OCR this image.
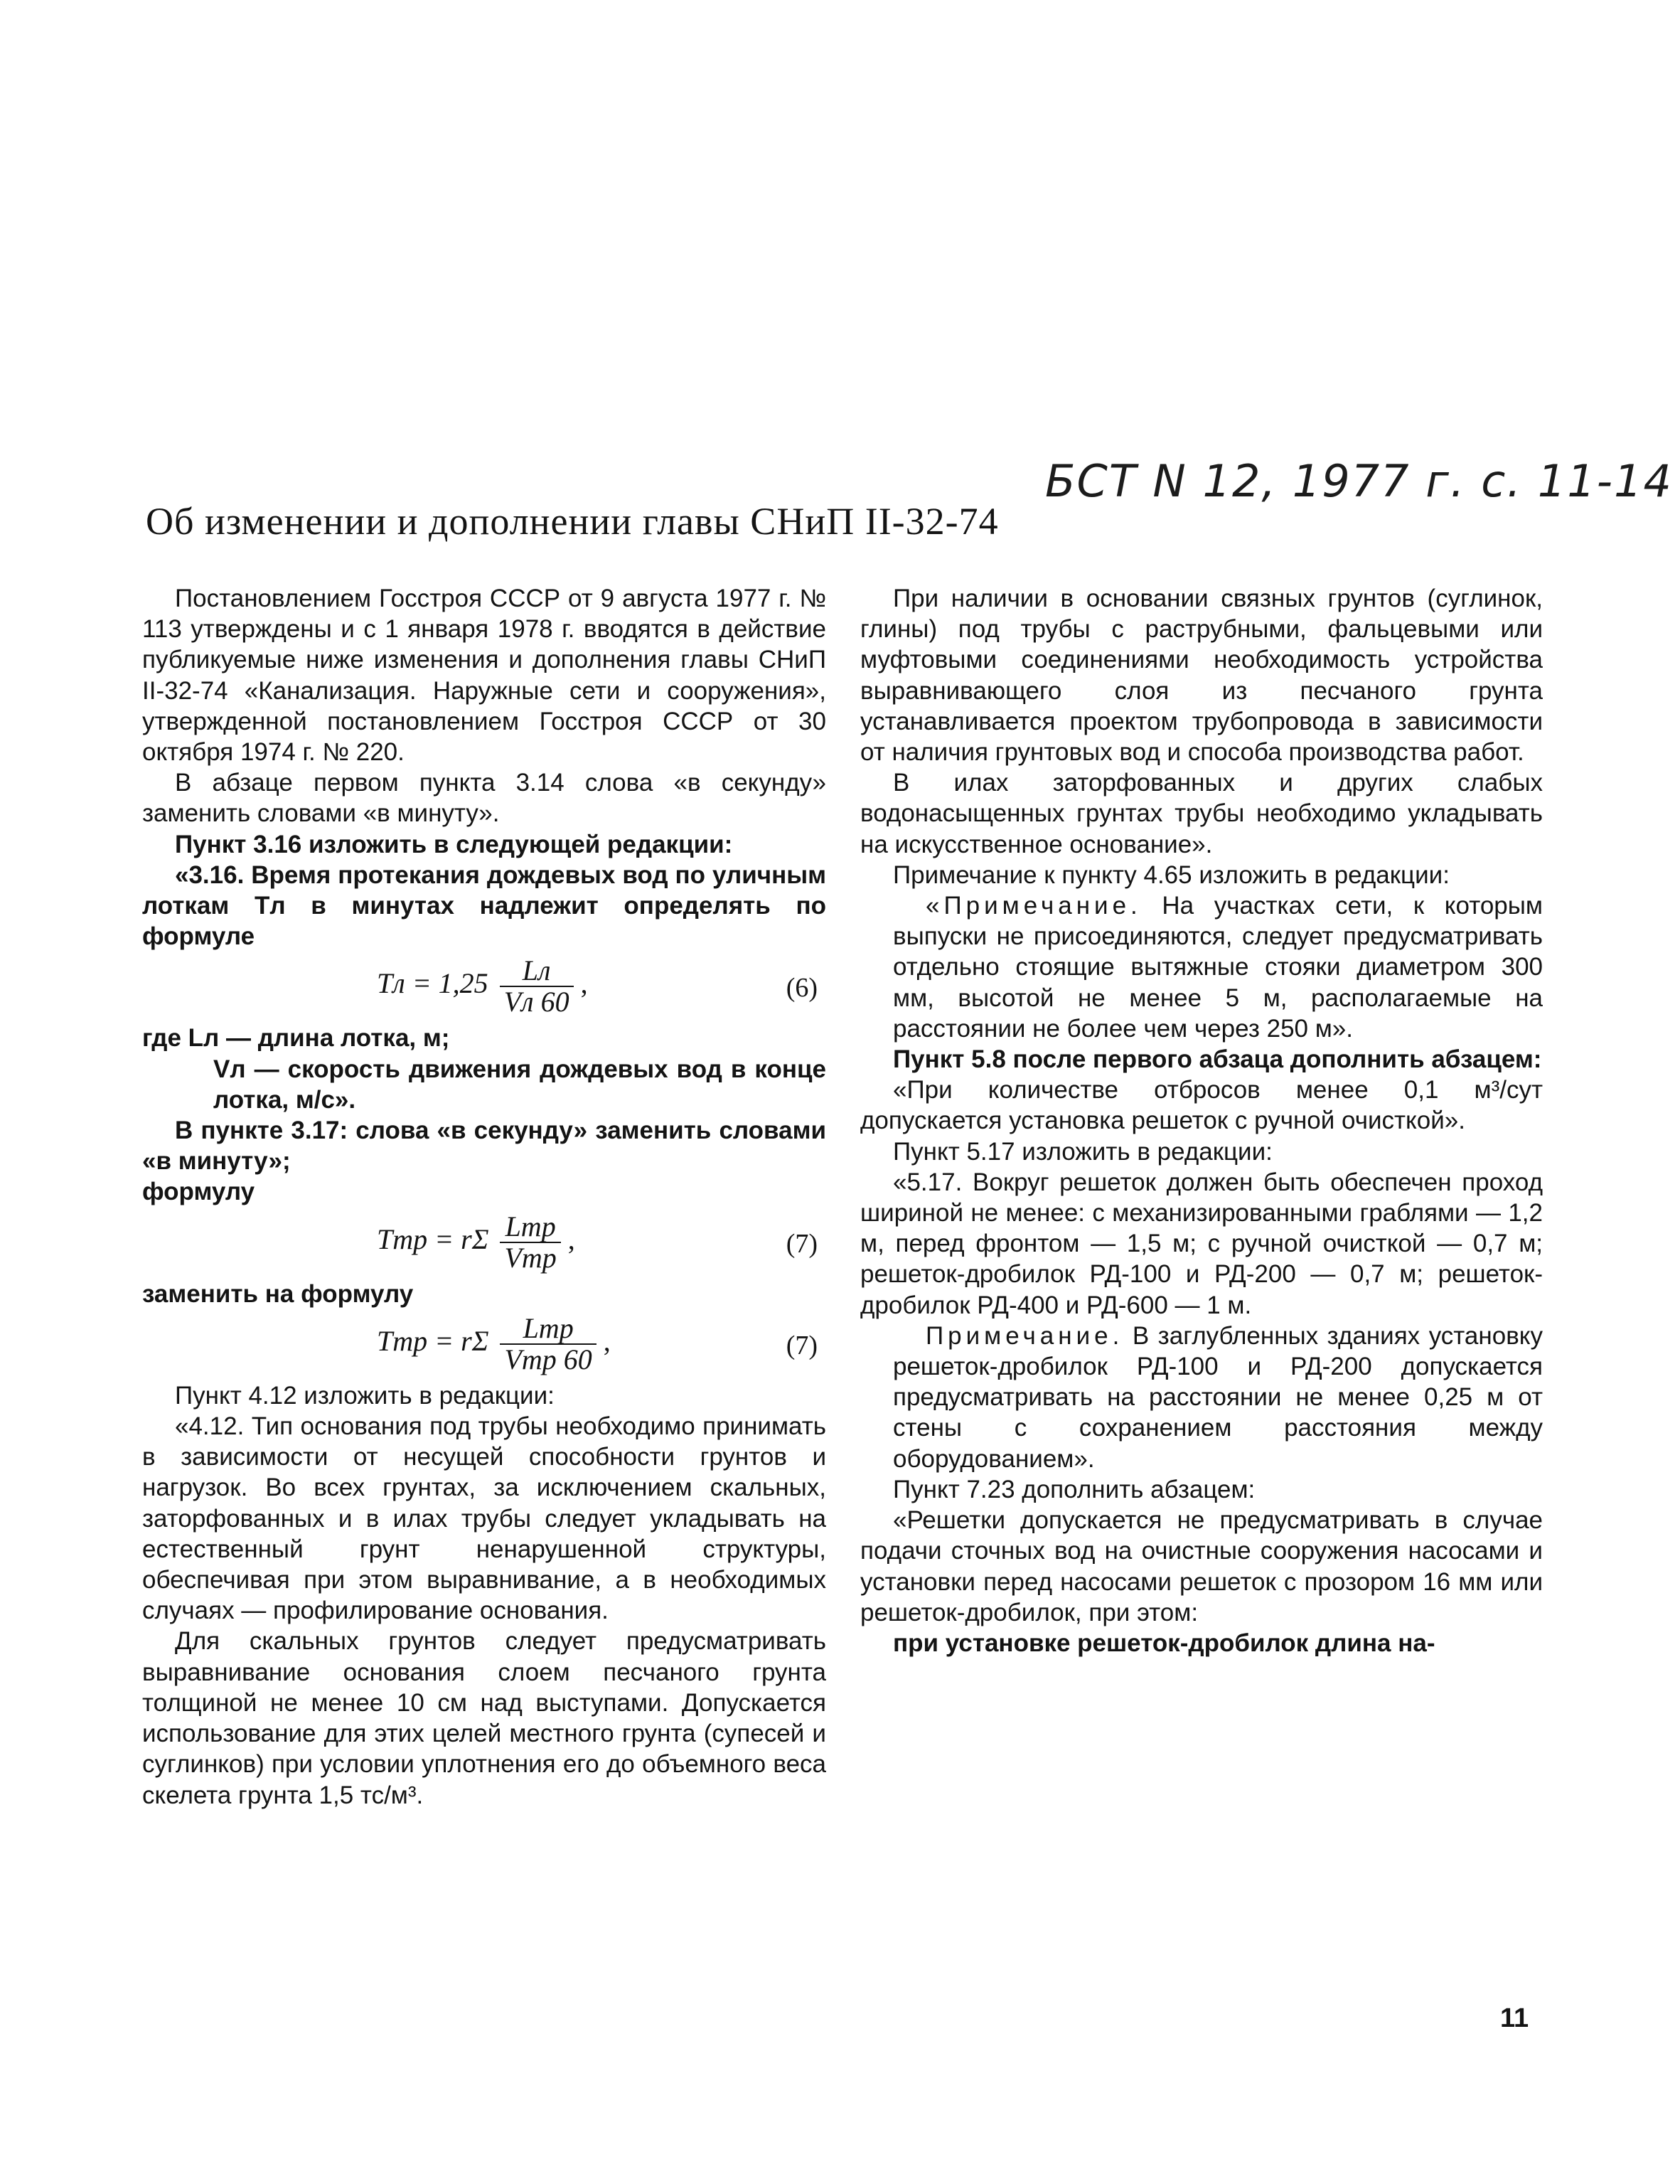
БСТ N 12, 1977 г. с. 11-14
Об изменении и дополнении главы СНиП II-32-74

Постановлением Госстроя СССР от 9 августа 1977 г. № 113 утверждены и с 1 января 1978 г. вводятся в действие публикуемые ниже изменения и дополнения главы СНиП II-32-74 «Канализация. Наружные сети и сооружения», утвержденной постановлением Госстроя СССР от 30 октября 1974 г. № 220.

В абзаце первом пункта 3.14 слова «в секунду» заменить словами «в минуту».

Пункт 3.16 изложить в следующей редакции:

«3.16. Время протекания дождевых вод по уличным лоткам Tл в минутах надлежит определять по формуле

Tл = $1,25 \frac{Lл}{Vл 60}$ ,	(6)

где Lл — длина лотка, м;

Vл — скорость движения дождевых вод в конце лотка, м/с».

В пункте 3.17: слова «в секунду» заменить словами «в минуту»;

формулу

Tтр = rΣ $\frac{\text{Lтр}}{\text{Vтр}}$ ,	(7)

заменить на формулу

Tтр = rΣ $\frac{\text{Lтр}}{\text{Vтр 60}}$ ,	(7)

Пункт 4.12 изложить в редакции:

«4.12. Тип основания под трубы необходимо принимать в зависимости от несущей способности грунтов и нагрузок. Во всех грунтах, за исключением скальных, заторфованных и в илах трубы следует укладывать на естественный грунт ненарушенной структуры, обеспечивая при этом выравнивание, а в необходимых случаях — профилирование основания.

Для скальных грунтов следует предусматривать выравнивание основания слоем песчаного грунта толщиной не менее 10 см над выступами. Допускается использование для этих целей местного грунта (супесей и суглинков) при условии уплотнения его до объемного веса скелета грунта 1,5 тс/м³.

При наличии в основании связных грунтов (суглинок, глины) под трубы с раструбными, фальцевыми или муфтовыми соединениями необходимость устройства выравнивающего слоя из песчаного грунта устанавливается проектом трубопровода в зависимости от наличия грунтовых вод и способа производства работ.

В илах заторфованных и других слабых водонасыщенных грунтах трубы необходимо укладывать на искусственное основание».

Примечание к пункту 4.65 изложить в редакции:

«Примечание. На участках сети, к которым выпуски не присоединяются, следует предусматривать отдельно стоящие вытяжные стояки диаметром 300 мм, высотой не менее 5 м, располагаемые на расстоянии не более чем через 250 м».

Пункт 5.8 после первого абзаца дополнить абзацем:

«При количестве отбросов менее 0,1 м³/сут допускается установка решеток с ручной очисткой».

Пункт 5.17 изложить в редакции:

«5.17. Вокруг решеток должен быть обеспечен проход шириной не менее: с механизированными граблями — 1,2 м, перед фронтом — 1,5 м; с ручной очисткой — 0,7 м; решеток-дробилок РД-100 и РД-200 — 0,7 м; решеток-дробилок РД-400 и РД-600 — 1 м.

Примечание. В заглубленных зданиях установку решеток-дробилок РД-100 и РД-200 допускается предусматривать на расстоянии не менее 0,25 м от стены с сохранением расстояния между оборудованием».

Пункт 7.23 дополнить абзацем:

«Решетки допускается не предусматривать в случае подачи сточных вод на очистные сооружения насосами и установки перед насосами решеток с прозором 16 мм или решеток-дробилок, при этом:

при установке решеток-дробилок длина на-

11
